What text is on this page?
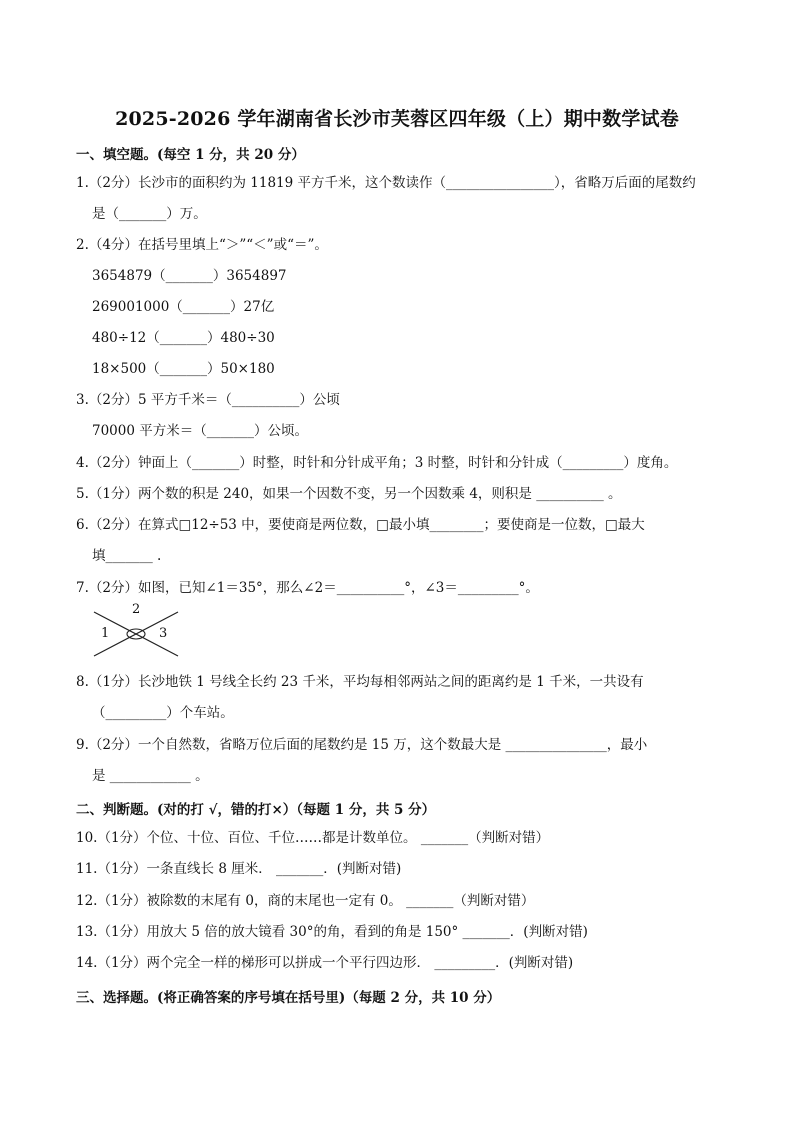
2025-2026 学年湖南省长沙市芙蓉区四年级（上）期中数学试卷
一、填空题。(每空 1 分，共 20 分）
1.（2分）长沙市的面积约为 11819 平方千米，这个数读作（________________），省略万后面的尾数约
是（_______）万。
2.（4分）在括号里填上“＞”“＜”或“＝”。
3654879（_______）3654897
269001000（_______）27亿
480÷12（_______）480÷30
18×500（_______）50×180
3.（2分）5 平方千米＝（__________）公顷
70000 平方米＝（_______）公顷。
4.（2分）钟面上（_______）时整，时针和分针成平角；3 时整，时针和分针成（_________）度角。
5.（1分）两个数的积是 240，如果一个因数不变，另一个因数乘 4，则积是 __________ 。
6.（2分）在算式□12÷53 中，要使商是两位数，□最小填________；要使商是一位数，□最大
填_______ .
7.（2分）如图，已知∠1＝35°，那么∠2＝__________°，∠3＝_________°。
2
1	3
8.（1分）长沙地铁 1 号线全长约 23 千米，平均每相邻两站之间的距离约是 1 千米，一共设有
（_________）个车站。
9.（2分）一个自然数，省略万位后面的尾数约是 15 万，这个数最大是 _______________，最小
是 ____________ 。
二、判断题。(对的打 √，错的打×）（每题 1 分，共 5 分）
10.（1分）个位、十位、百位、千位……都是计数单位。 _______（判断对错）
11.（1分）一条直线长 8 厘米． _______．(判断对错)
12.（1分）被除数的末尾有 0，商的末尾也一定有 0。 _______（判断对错）
13.（1分）用放大 5 倍的放大镜看 30°的角，看到的角是 150° _______．(判断对错)
14.（1分）两个完全一样的梯形可以拼成一个平行四边形． _________．(判断对错)
三、选择题。(将正确答案的序号填在括号里)（每题 2 分，共 10 分）
